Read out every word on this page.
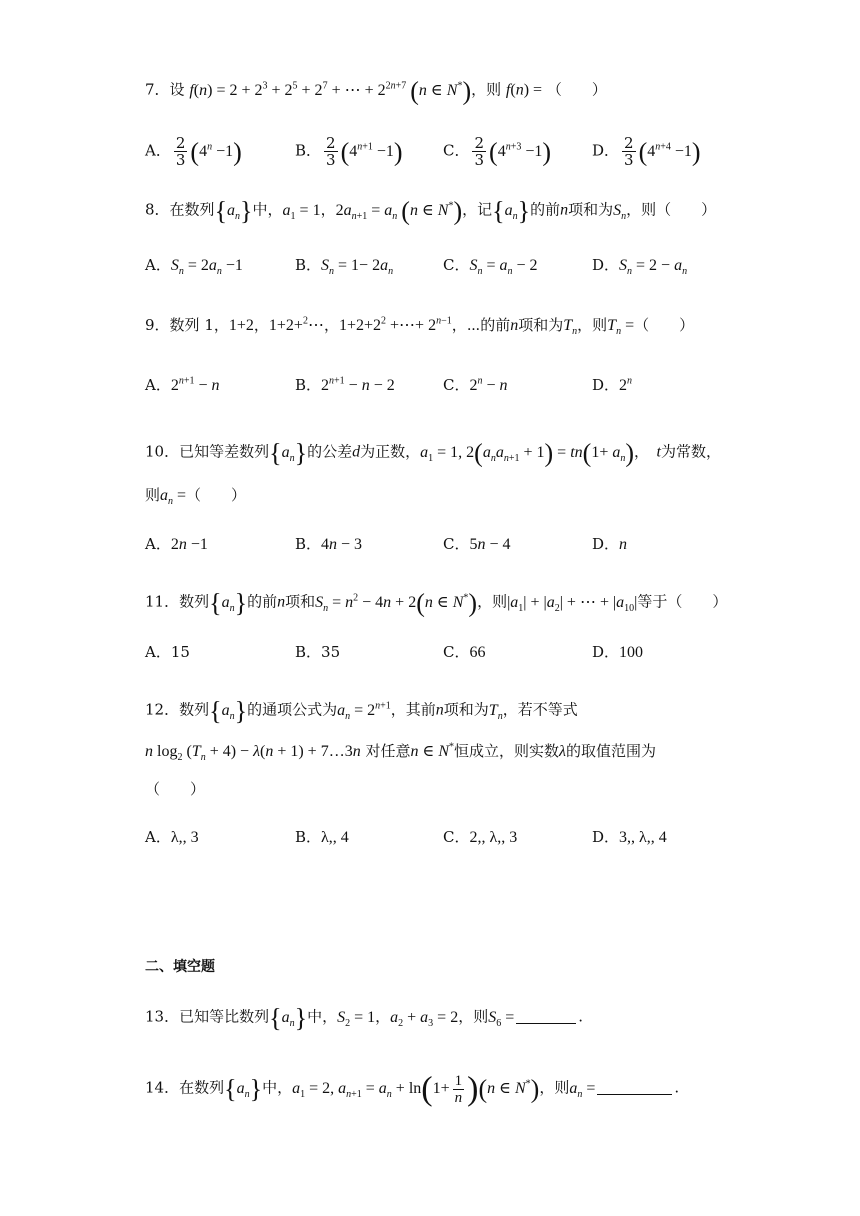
7．设 $f(n) = 2 + 2^3 + 2^5 + 2^7$ + ⋯ + $2^{2n+7}$ (n ∈ N*)，则 f(n) = （　　）
A． $\frac{2}{3} (4^n -1)$	B． $\frac{2}{3} (4^{n+1} -1)$	C． $\frac{2}{3} (4^{n+3} -1)$	D． $\frac{2}{3} (4^{n+4} -1)$
8．在数列$\{a_n\}$中，$a_1 = 1$，$2a_{n+1} = a_n$ (n ∈ N*)，记$\{a_n\}$的前n项和为$S_n$，则（　　）
A．$S_n = 2a_n -1$	B．$S_n = 1- 2a_n$	C．$S_n = a_n - 2$	D．$S_n = 2 - a_n$
9．数列 1，1+2，1+2+$^2$⋯，$1+2+2^2$ +⋯+ $2^{n-1}$，⋯的前n项和为$T_n$，则$T_n$ =（　　）
A．$2^{n+1} - n$	B．$2^{n+1} - n - 2$	C．$2^n - n$	D．2$^n$
10．已知等差数列$\{a_n\}$的公差d为正数，$a_1 = 1$, $2(a_na_{n+1} + 1) = tn(1+ a_n)$，　 t为常数，
则$a_n$ =（　　）
A．2n −1	B．4n − 3	C．5n − 4	D．n
11．数列$\{a_n\}$的前n项和$S_n = n^2 - 4n + 2(n$ ∈ N*)，则$|a_1| + |a_2|$ + ⋯ + $|a_{10}|$等于（　　）
A．15	B．35	C．66	D．100
12．数列$\{a_n\}$的通项公式为$a_n = 2^{n+1}$，其前n项和为$T_n$，若不等式
n $\log_2 (T_n + 4) - \lambda(n + 1)$ + 7…3n 对任意n ∈ N*恒成立，则实数λ的取值范围为
（　　）
A．λ,, 3	B．λ,, 4	C．2,, λ,, 3	D．3,, λ,, 4
二、填空题
13．已知等比数列$\{a_n\}$中，$S_2 = 1$，$a_2 + a_3 = 2$，则$S_6$ =	.
14．在数列$\{a_n\}$中，$a_1 = 2$, $a_{n+1} = a_n + \ln(1+ \frac{1}{n} )(n$ ∈ N*)，则$a_n$ =	.
